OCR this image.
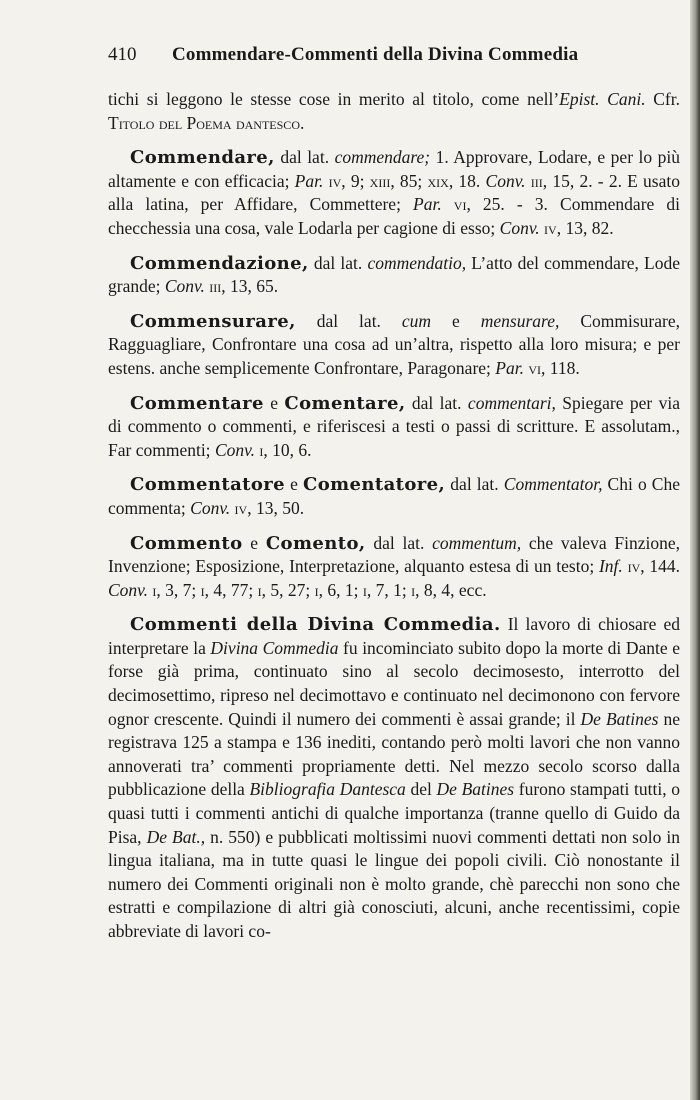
410 Commendare-Commenti della Divina Commedia

tichi si leggono le stesse cose in merito al titolo, come nell’Epist. Cani. Cfr. Titolo del Poema dantesco.

Commendare, dal lat. commendare; 1. Approvare, Lodare, e per lo più altamente e con efficacia; Par. iv, 9; xiii, 85; xix, 18. Conv. iii, 15, 2. - 2. E usato alla latina, per Affidare, Commettere; Par. vi, 25. - 3. Commendare di checchessia una cosa, vale Lodarla per cagione di esso; Conv. iv, 13, 82.

Commendazione, dal lat. commendatio, L’atto del commendare, Lode grande; Conv. iii, 13, 65.

Commensurare, dal lat. cum e mensurare, Commisurare, Ragguagliare, Confrontare una cosa ad un’altra, rispetto alla loro misura; e per estens. anche semplicemente Confrontare, Paragonare; Par. vi, 118.

Commentare e Comentare, dal lat. commentari, Spiegare per via di commento o commenti, e riferiscesi a testi o passi di scritture. E assolutam., Far commenti; Conv. i, 10, 6.

Commentatore e Comentatore, dal lat. Commentator, Chi o Che commenta; Conv. iv, 13, 50.

Commento e Comento, dal lat. commentum, che valeva Finzione, Invenzione; Esposizione, Interpretazione, alquanto estesa di un testo; Inf. iv, 144. Conv. i, 3, 7; i, 4, 77; i, 5, 27; i, 6, 1; i, 7, 1; i, 8, 4, ecc.

Commenti della Divina Commedia. Il lavoro di chiosare ed interpretare la Divina Commedia fu incominciato subito dopo la morte di Dante e forse già prima, continuato sino al secolo decimosesto, interrotto del decimosettimo, ripreso nel decimottavo e continuato nel decimonono con fervore ognor crescente. Quindi il numero dei commenti è assai grande; il De Batines ne registrava 125 a stampa e 136 inediti, contando però molti lavori che non vanno annoverati tra’ commenti propriamente detti. Nel mezzo secolo scorso dalla pubblicazione della Bibliografia Dantesca del De Batines furono stampati tutti, o quasi tutti i commenti antichi di qualche importanza (tranne quello di Guido da Pisa, De Bat., n. 550) e pubblicati moltissimi nuovi commenti dettati non solo in lingua italiana, ma in tutte quasi le lingue dei popoli civili. Ciò nonostante il numero dei Commenti originali non è molto grande, chè parecchi non sono che estratti e compilazione di altri già conosciuti, alcuni, anche recentissimi, copie abbreviate di lavori co-
